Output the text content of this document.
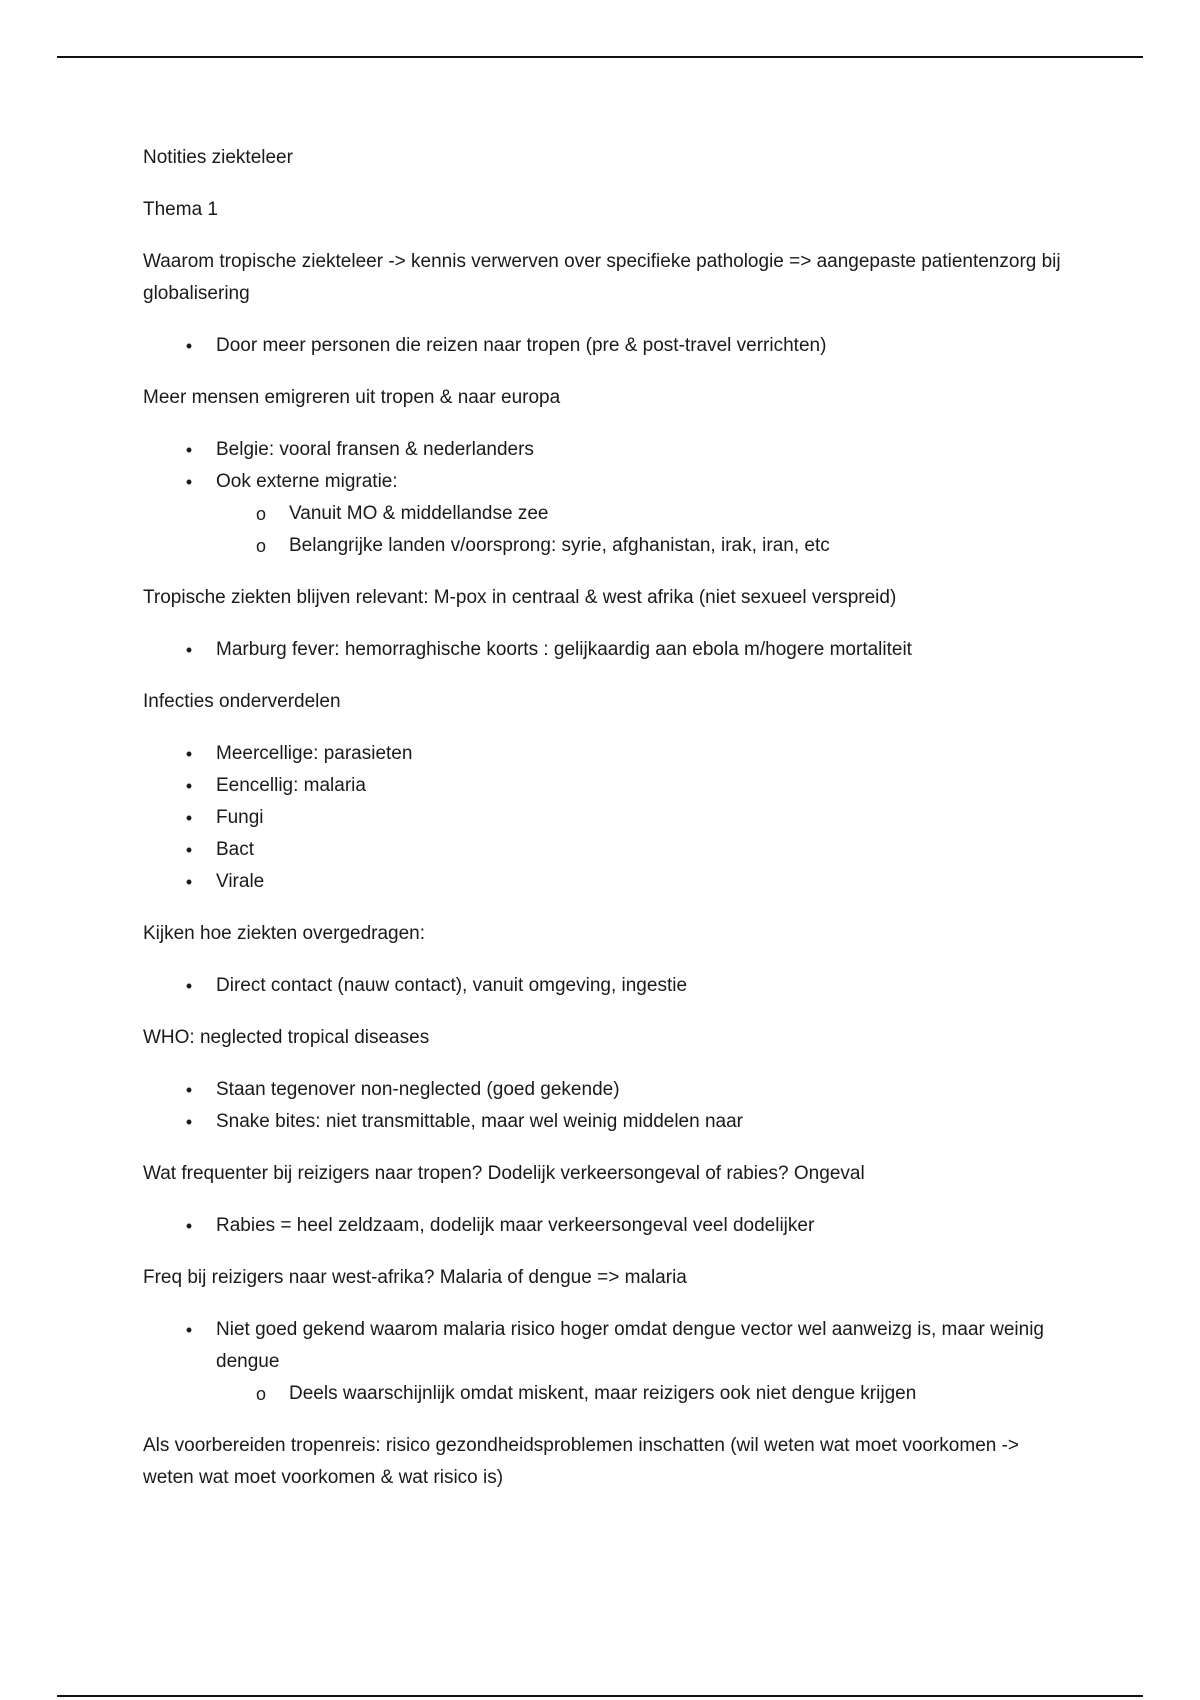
Notities ziekteleer

Thema 1

Waarom tropische ziekteleer -> kennis verwerven over specifieke pathologie => aangepaste patientenzorg bij globalisering

•	Door meer personen die reizen naar tropen (pre & post-travel verrichten)

Meer mensen emigreren uit tropen & naar europa

•	Belgie: vooral fransen & nederlanders
•	Ook externe migratie:
o Vanuit MO & middellandse zee
o Belangrijke landen v/oorsprong: syrie, afghanistan, irak, iran, etc

Tropische ziekten blijven relevant: M-pox in centraal & west afrika (niet sexueel verspreid)

•	Marburg fever: hemorraghische koorts : gelijkaardig aan ebola m/hogere mortaliteit

Infecties onderverdelen

•	Meercellige: parasieten
•	Eencellig: malaria
•	Fungi
•	Bact
•	Virale

Kijken hoe ziekten overgedragen:

•	Direct contact (nauw contact), vanuit omgeving, ingestie

WHO: neglected tropical diseases

•	Staan tegenover non-neglected (goed gekende)
•	Snake bites: niet transmittable, maar wel weinig middelen naar

Wat frequenter bij reizigers naar tropen? Dodelijk verkeersongeval of rabies? Ongeval

•	Rabies = heel zeldzaam, dodelijk maar verkeersongeval veel dodelijker

Freq bij reizigers naar west-afrika? Malaria of dengue => malaria

•	Niet goed gekend waarom malaria risico hoger omdat dengue vector wel aanweizg is, maar weinig dengue
o Deels waarschijnlijk omdat miskent, maar reizigers ook niet dengue krijgen

Als voorbereiden tropenreis: risico gezondheidsproblemen inschatten (wil weten wat moet voorkomen -> weten wat moet voorkomen & wat risico is)
